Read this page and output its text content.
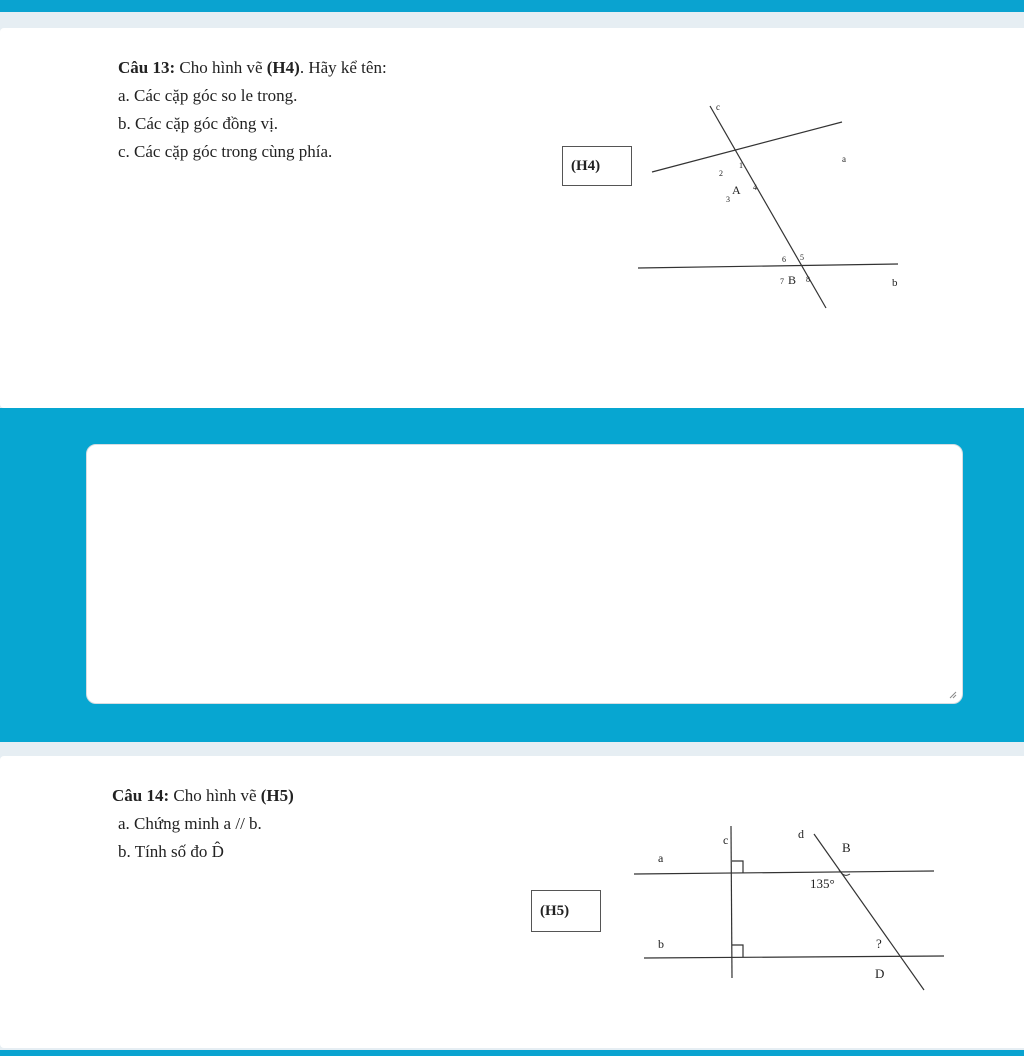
Câu 13: Cho hình vẽ (H4). Hãy kể tên:
a. Các cặp góc so le trong.
b. Các cặp góc đồng vị.
c. Các cặp góc trong cùng phía.
(H4)
c
a
b
A
B
1
2
3
4
5
6
7	8
Câu 14: Cho hình vẽ (H5)
a. Chứng minh a // b.
b. Tính số đo D̂
(H5)
c	d
a
b
B
135°
?
D
